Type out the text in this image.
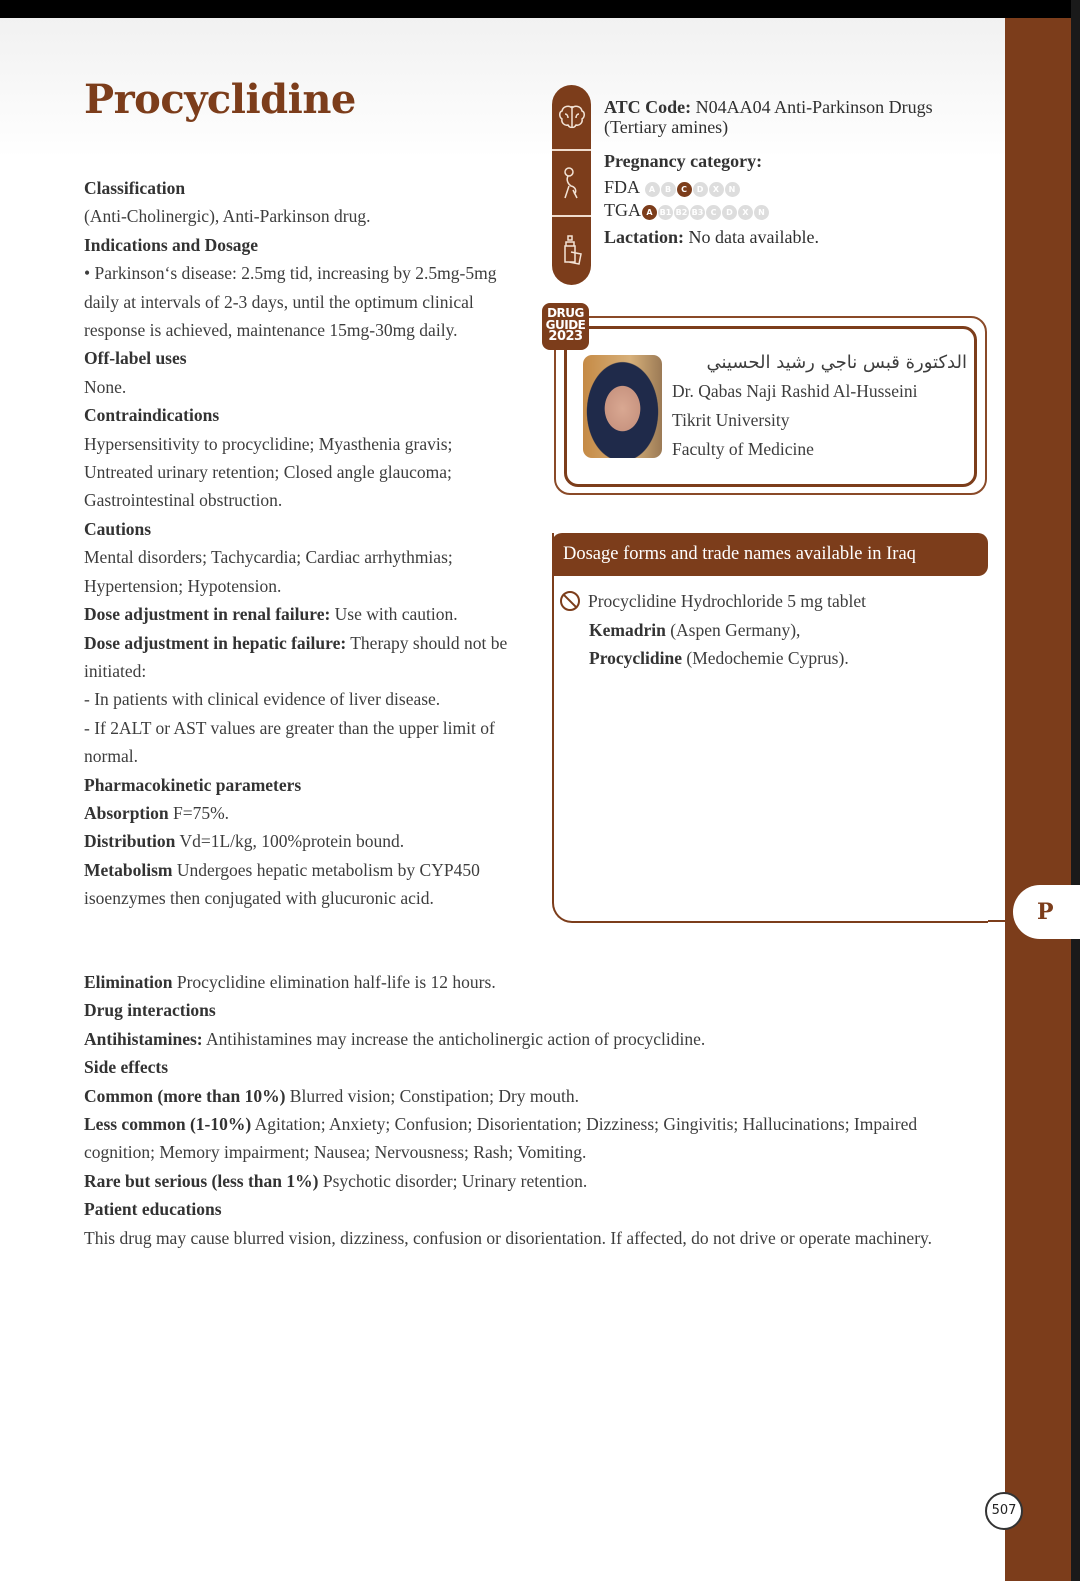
Procyclidine

Classification

(Anti-Cholinergic), Anti-Parkinson drug.

Indications and Dosage

• Parkinson‘s disease: 2.5mg tid, increasing by 2.5mg-5mg daily at intervals of 2-3 days, until the optimum clinical response is achieved, maintenance 15mg-30mg daily.

Off-label uses

None.

Contraindications

Hypersensitivity to procyclidine; Myasthenia gravis; Untreated urinary retention; Closed angle glaucoma; Gastrointestinal obstruction.

Cautions

Mental disorders; Tachycardia; Cardiac arrhythmias; Hypertension; Hypotension.

Dose adjustment in renal failure: Use with caution.

Dose adjustment in hepatic failure: Therapy should not be initiated:

- In patients with clinical evidence of liver disease.

- If 2ALT or AST values are greater than the upper limit of normal.

Pharmacokinetic parameters

Absorption F=75%.

Distribution Vd=1L/kg, 100%protein bound.

Metabolism Undergoes hepatic metabolism by CYP450 isoenzymes then conjugated with glucuronic acid.

Elimination Procyclidine elimination half-life is 12 hours.

Drug interactions

Antihistamines: Antihistamines may increase the anticholinergic action of procyclidine.

Side effects

Common (more than 10%) Blurred vision; Constipation; Dry mouth.

Less common (1-10%) Agitation; Anxiety; Confusion; Disorientation; Dizziness; Gingivitis; Hallucinations; Impaired cognition; Memory impairment; Nausea; Nervousness; Rash; Vomiting.

Rare but serious (less than 1%) Psychotic disorder; Urinary retention.

Patient educations

This drug may cause blurred vision, dizziness, confusion or disorientation. If affected, do not drive or operate machinery.

ATC Code: N04AA04 Anti-Parkinson Drugs
(Tertiary amines)
Pregnancy category:
FDA A B C D X N
TGA A B1 B2 B3 C D X N
Lactation: No data available.
DRUG
GUIDE
2023
الدكتورة قبس ناجي رشيد الحسيني
Dr. Qabas Naji Rashid Al-Husseini
Tikrit University
Faculty of Medicine
Dosage forms and trade names available in Iraq
Procyclidine Hydrochloride 5 mg tablet
Kemadrin (Aspen Germany),
Procyclidine (Medochemie Cyprus).
P
507
